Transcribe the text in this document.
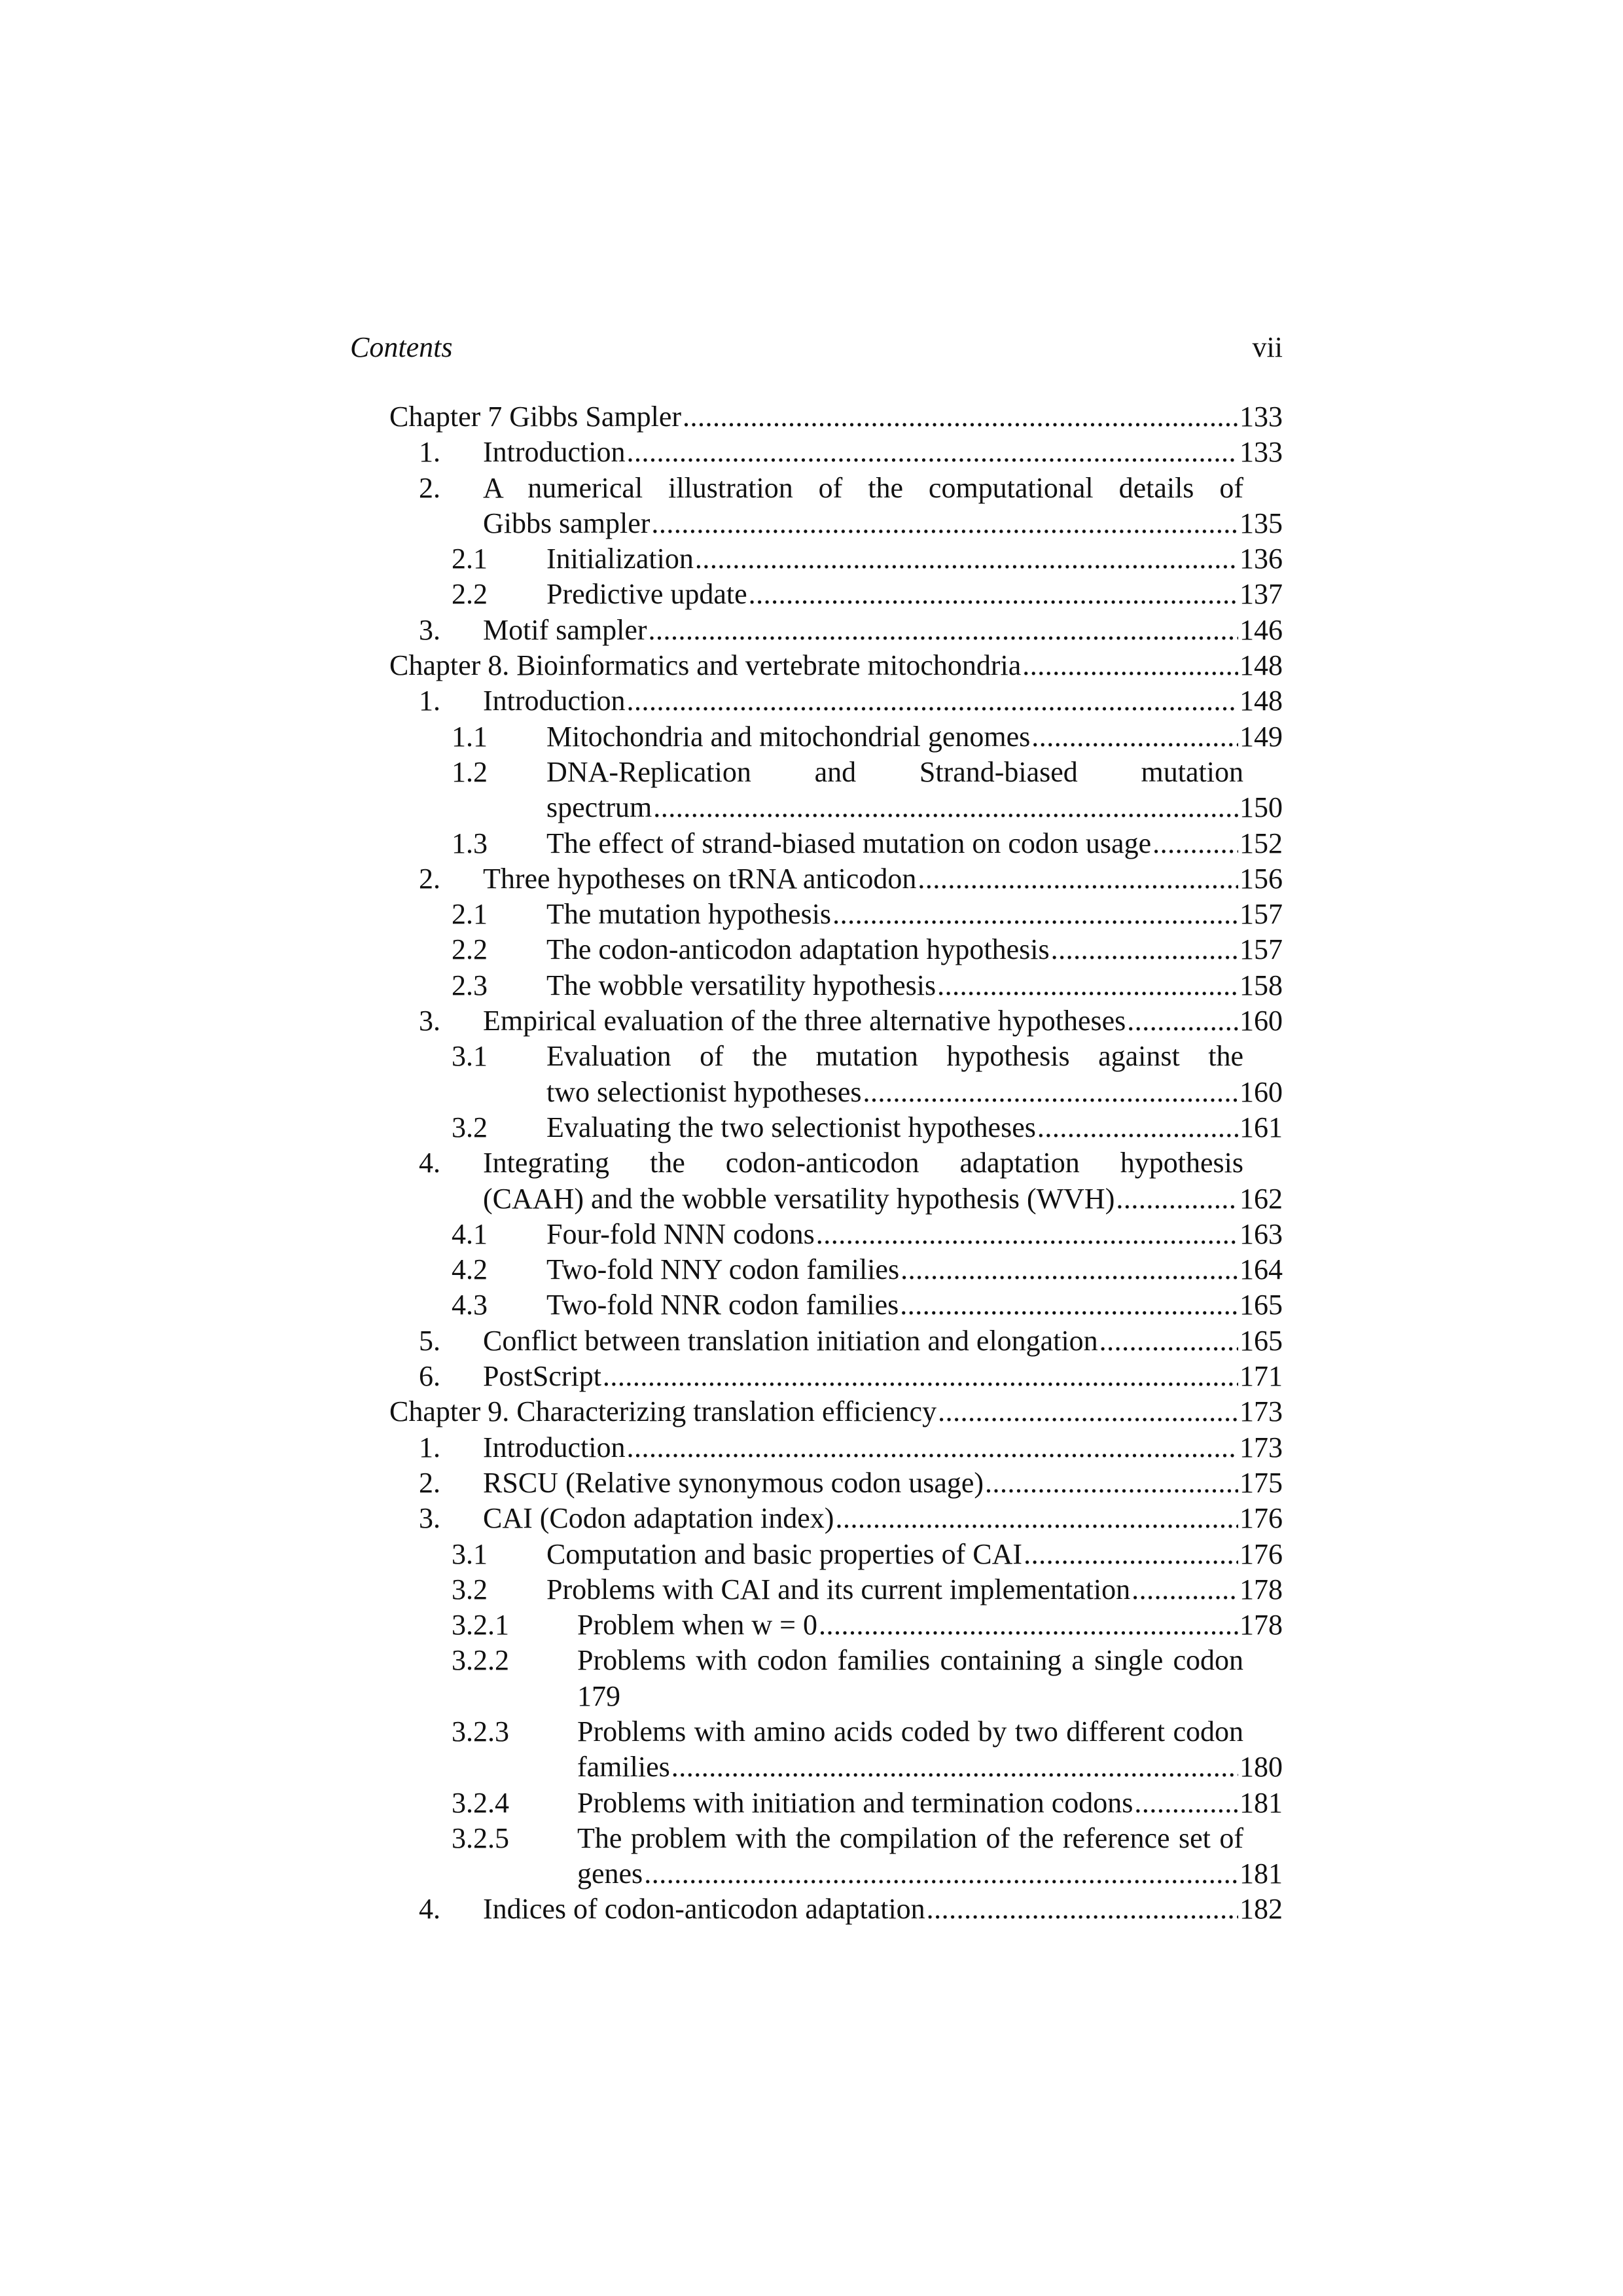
Contents	vii
Chapter 7 Gibbs Sampler .....	133
1. Introduction .....	133
2. A numerical illustration of the computational details of
Gibbs sampler .....	135
2.1 Initialization .....	136
2.2 Predictive update .....	137
3. Motif sampler .....	146
Chapter 8. Bioinformatics and vertebrate mitochondria .....	148
1. Introduction .....	148
1.1 Mitochondria and mitochondrial genomes .....	149
1.2 DNA-Replication and Strand-biased mutation
spectrum .....	150
1.3 The effect of strand-biased mutation on codon usage .....	152
2. Three hypotheses on tRNA anticodon .....	156
2.1 The mutation hypothesis .....	157
2.2 The codon-anticodon adaptation hypothesis .....	157
2.3 The wobble versatility hypothesis .....	158
3. Empirical evaluation of the three alternative hypotheses .....	160
3.1 Evaluation of the mutation hypothesis against the
two selectionist hypotheses .....	160
3.2 Evaluating the two selectionist hypotheses .....	161
4. Integrating the codon-anticodon adaptation hypothesis
(CAAH) and the wobble versatility hypothesis (WVH) .....	162
4.1 Four-fold NNN codons .....	163
4.2 Two-fold NNY codon families .....	164
4.3 Two-fold NNR codon families .....	165
5. Conflict between translation initiation and elongation .....	165
6. PostScript .....	171
Chapter 9. Characterizing translation efficiency .....	173
1. Introduction .....	173
2. RSCU (Relative synonymous codon usage) .....	175
3. CAI (Codon adaptation index) .....	176
3.1 Computation and basic properties of CAI .....	176
3.2 Problems with CAI and its current implementation .....	178
3.2.1 Problem when w = 0 .....	178
3.2.2 Problems with codon families containing a single codon
179
3.2.3 Problems with amino acids coded by two different codon
families .....	180
3.2.4 Problems with initiation and termination codons .....	181
3.2.5 The problem with the compilation of the reference set of
genes .....	181
4. Indices of codon-anticodon adaptation .....	182
